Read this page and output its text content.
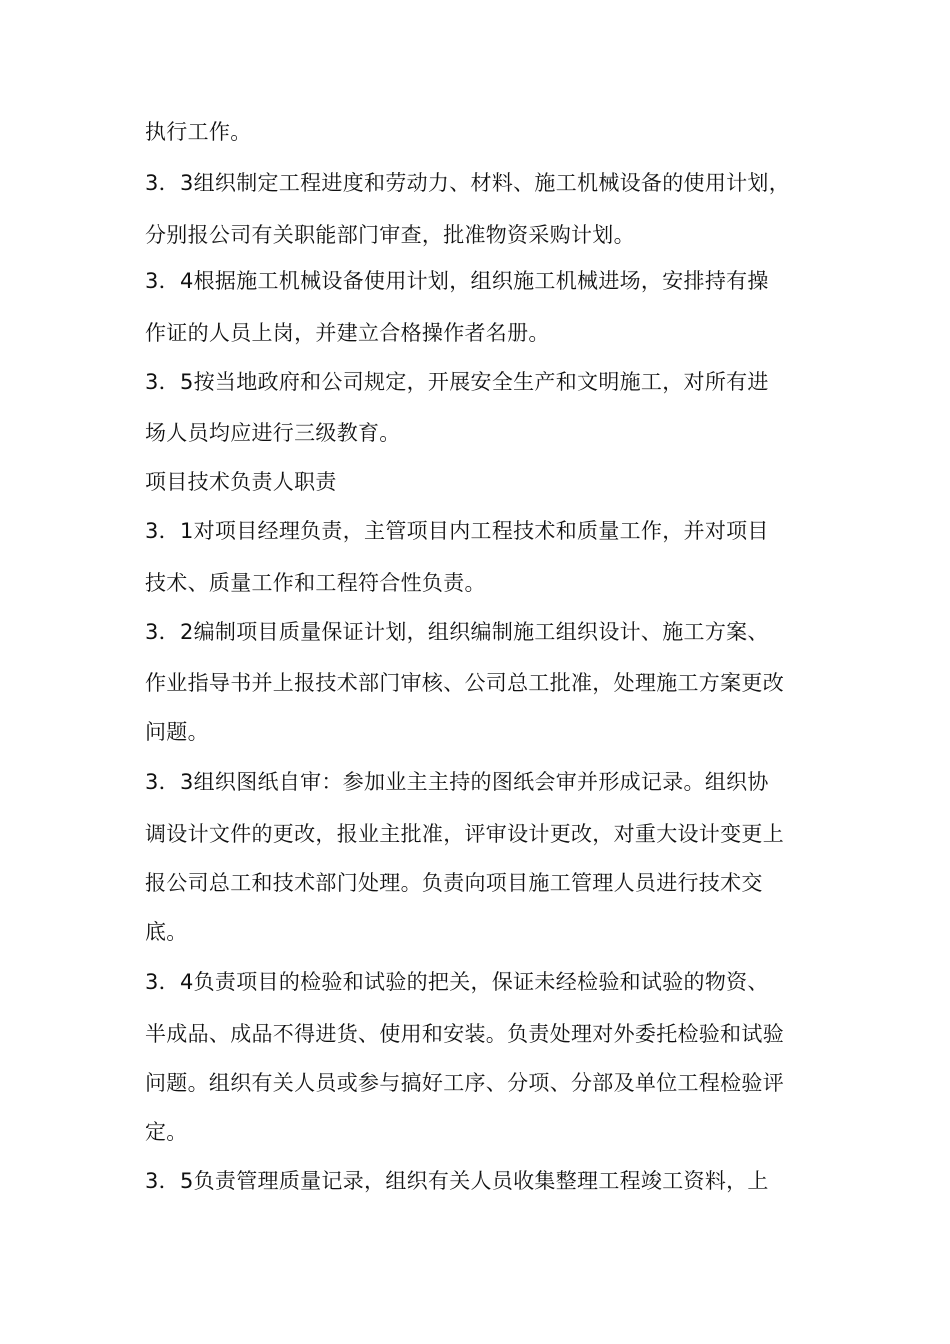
执行工作。
3．3组织制定工程进度和劳动力、材料、施工机械设备的使用计划，
分别报公司有关职能部门审查，批准物资采购计划。
3．4根据施工机械设备使用计划，组织施工机械进场，安排持有操
作证的人员上岗，并建立合格操作者名册。
3．5按当地政府和公司规定，开展安全生产和文明施工，对所有进
场人员均应进行三级教育。
项目技术负责人职责
3．1对项目经理负责，主管项目内工程技术和质量工作，并对项目
技术、质量工作和工程符合性负责。
3．2编制项目质量保证计划，组织编制施工组织设计、施工方案、
作业指导书并上报技术部门审核、公司总工批准，处理施工方案更改
问题。
3．3组织图纸自审：参加业主主持的图纸会审并形成记录。组织协
调设计文件的更改，报业主批准，评审设计更改，对重大设计变更上
报公司总工和技术部门处理。负责向项目施工管理人员进行技术交
底。
3．4负责项目的检验和试验的把关，保证未经检验和试验的物资、
半成品、成品不得进货、使用和安装。负责处理对外委托检验和试验
问题。组织有关人员或参与搞好工序、分项、分部及单位工程检验评
定。
3．5负责管理质量记录，组织有关人员收集整理工程竣工资料，上
